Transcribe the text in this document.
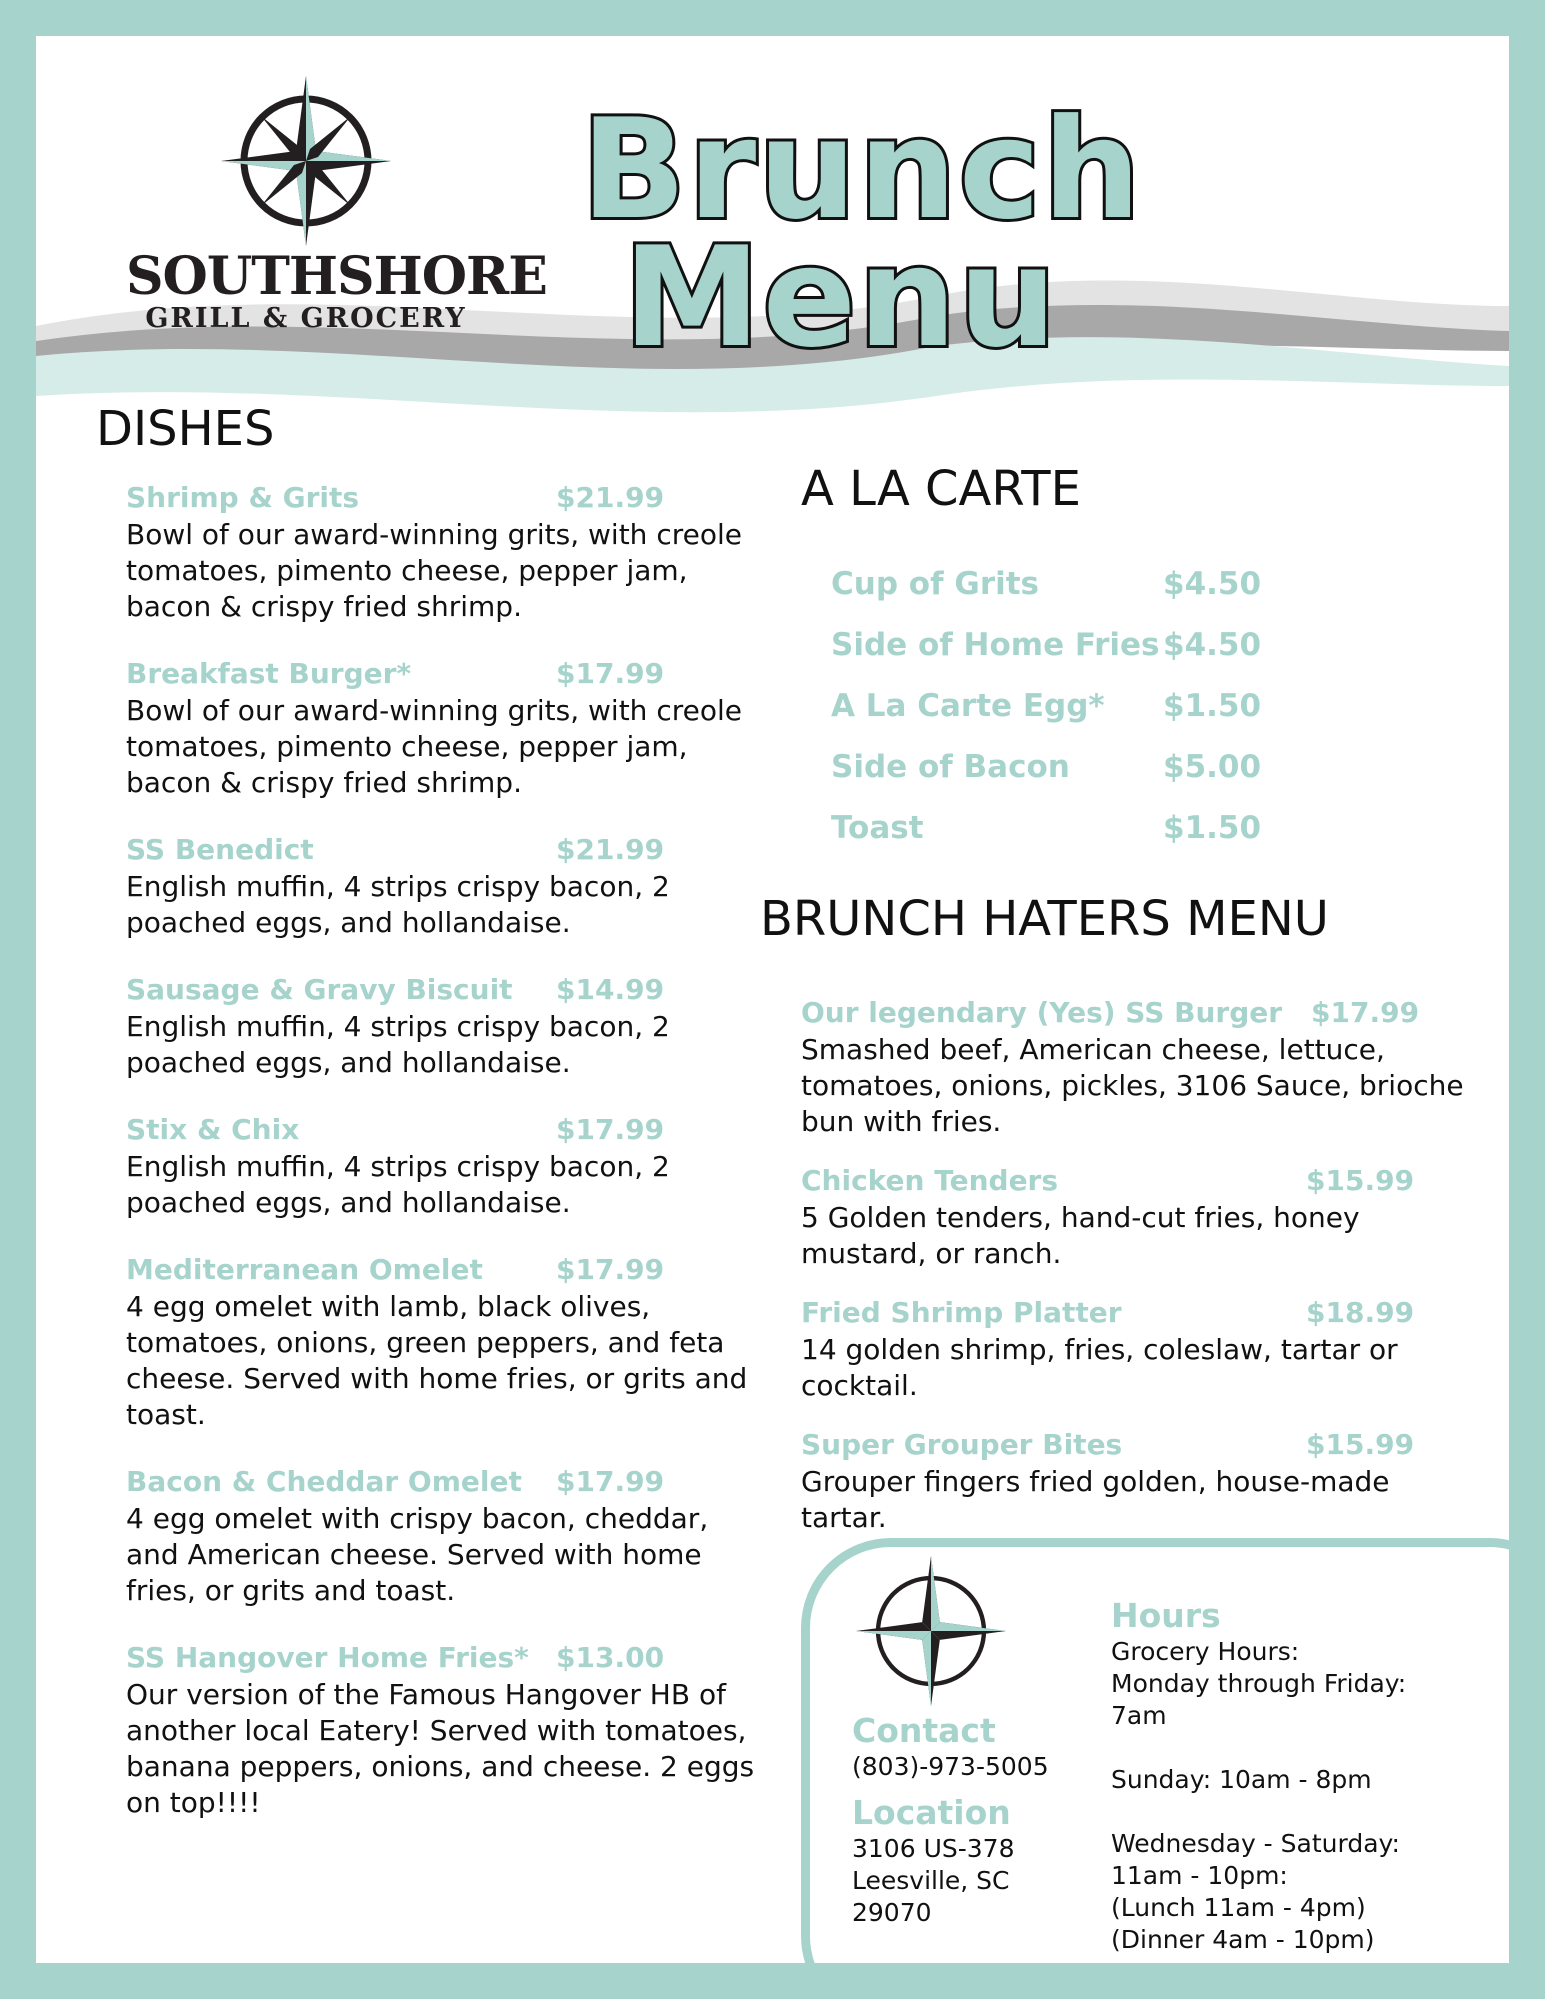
SOUTHSHORE
GRILL & GROCERY
Brunch
Menu
DISHES
Shrimp & Grits	$21.99
Bowl of our award-winning grits, with creole tomatoes, pimento cheese, pepper jam, bacon & crispy fried shrimp.
Breakfast Burger*	$17.99
Bowl of our award-winning grits, with creole tomatoes, pimento cheese, pepper jam, bacon & crispy fried shrimp.
SS Benedict	$21.99
English muffin, 4 strips crispy bacon, 2 poached eggs, and hollandaise.
Sausage & Gravy Biscuit $14.99
English muffin, 4 strips crispy bacon, 2 poached eggs, and hollandaise.
Stix & Chix	$17.99
English muffin, 4 strips crispy bacon, 2 poached eggs, and hollandaise.
Mediterranean Omelet	$17.99
4 egg omelet with lamb, black olives, tomatoes, onions, green peppers, and feta cheese. Served with home fries, or grits and toast.
Bacon & Cheddar Omelet $17.99
4 egg omelet with crispy bacon, cheddar, and American cheese. Served with home fries, or grits and toast.
SS Hangover Home Fries* $13.00
Our version of the Famous Hangover HB of another local Eatery! Served with tomatoes, banana peppers, onions, and cheese. 2 eggs on top!!!!
A LA CARTE
Cup of Grits	$4.50
Side of Home Fries $4.50
A La Carte Egg* $1.50
Side of Bacon	$5.00
Toast	$1.50
BRUNCH HATERS MENU
Our legendary (Yes) SS Burger $17.99
Smashed beef, American cheese, lettuce, tomatoes, onions, pickles, 3106 Sauce, brioche bun with fries.
Chicken Tenders	$15.99
5 Golden tenders, hand-cut fries, honey mustard, or ranch.
Fried Shrimp Platter	$18.99
14 golden shrimp, fries, coleslaw, tartar or cocktail.
Super Grouper Bites	$15.99
Grouper fingers fried golden, house-made tartar.
Contact
(803)-973-5005
Location
3106 US-378
Leesville, SC
29070
Hours
Grocery Hours:
Monday through Friday:
7am
Sunday: 10am - 8pm
Wednesday - Saturday:
11am - 10pm:
(Lunch 11am - 4pm)
(Dinner 4am - 10pm)
